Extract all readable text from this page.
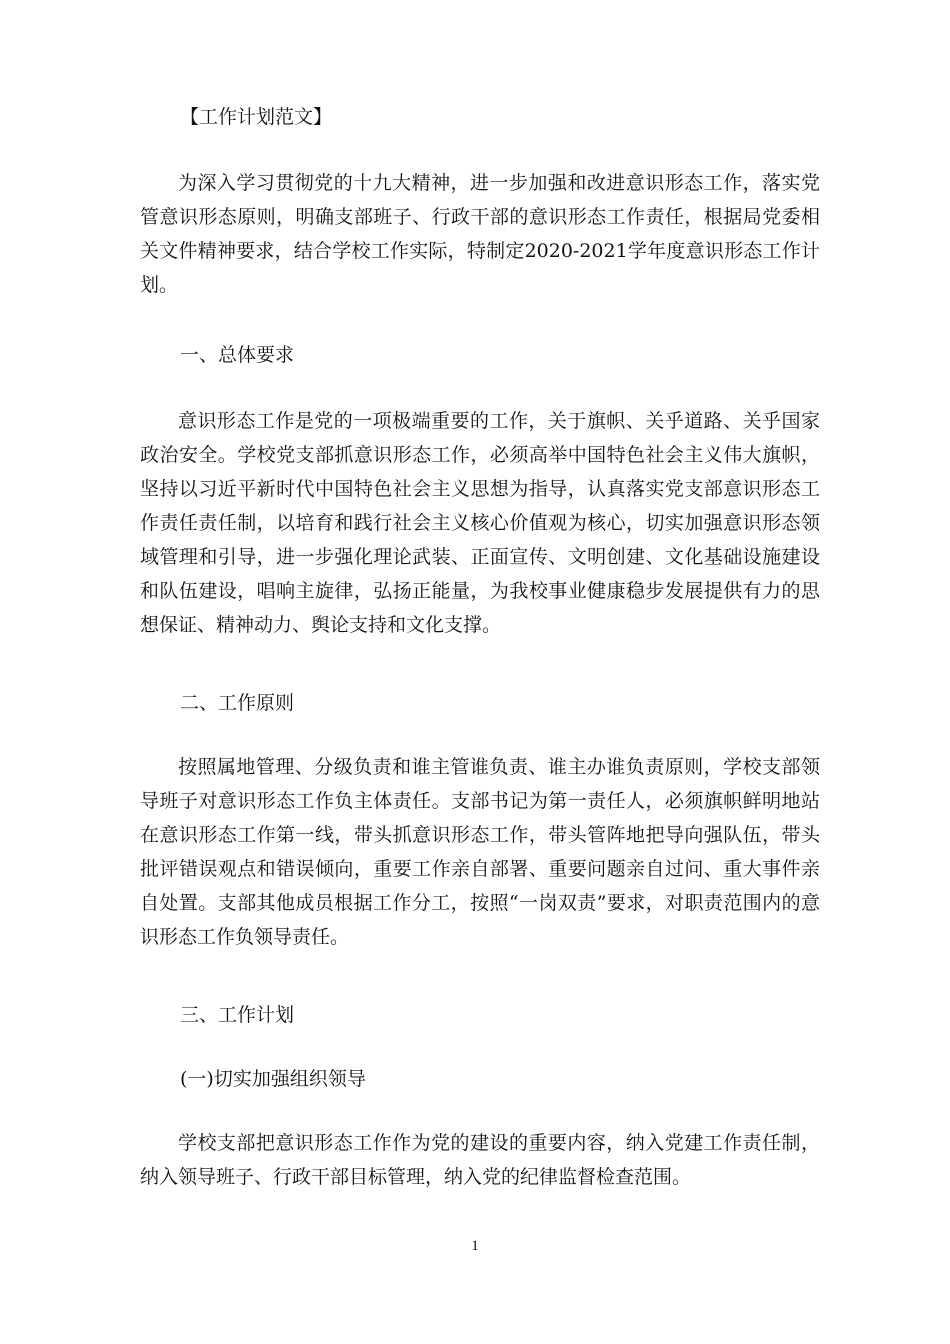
【工作计划范文】

为深入学习贯彻党的十九大精神，进一步加强和改进意识形态工作，落实党管意识形态原则，明确支部班子、行政干部的意识形态工作责任，根据局党委相关文件精神要求，结合学校工作实际，特制定2020-2021学年度意识形态工作计划。

一、总体要求

意识形态工作是党的一项极端重要的工作，关于旗帜、关乎道路、关乎国家政治安全。学校党支部抓意识形态工作，必须高举中国特色社会主义伟大旗帜，坚持以习近平新时代中国特色社会主义思想为指导，认真落实党支部意识形态工作责任责任制，以培育和践行社会主义核心价值观为核心，切实加强意识形态领域管理和引导，进一步强化理论武装、正面宣传、文明创建、文化基础设施建设和队伍建设，唱响主旋律，弘扬正能量，为我校事业健康稳步发展提供有力的思想保证、精神动力、舆论支持和文化支撑。

二、工作原则

按照属地管理、分级负责和谁主管谁负责、谁主办谁负责原则，学校支部领导班子对意识形态工作负主体责任。支部书记为第一责任人，必须旗帜鲜明地站在意识形态工作第一线，带头抓意识形态工作，带头管阵地把导向强队伍，带头批评错误观点和错误倾向，重要工作亲自部署、重要问题亲自过问、重大事件亲自处置。支部其他成员根据工作分工，按照“一岗双责”要求，对职责范围内的意识形态工作负领导责任。

三、工作计划
(一)切实加强组织领导

学校支部把意识形态工作作为党的建设的重要内容，纳入党建工作责任制，纳入领导班子、行政干部目标管理，纳入党的纪律监督检查范围。

1
